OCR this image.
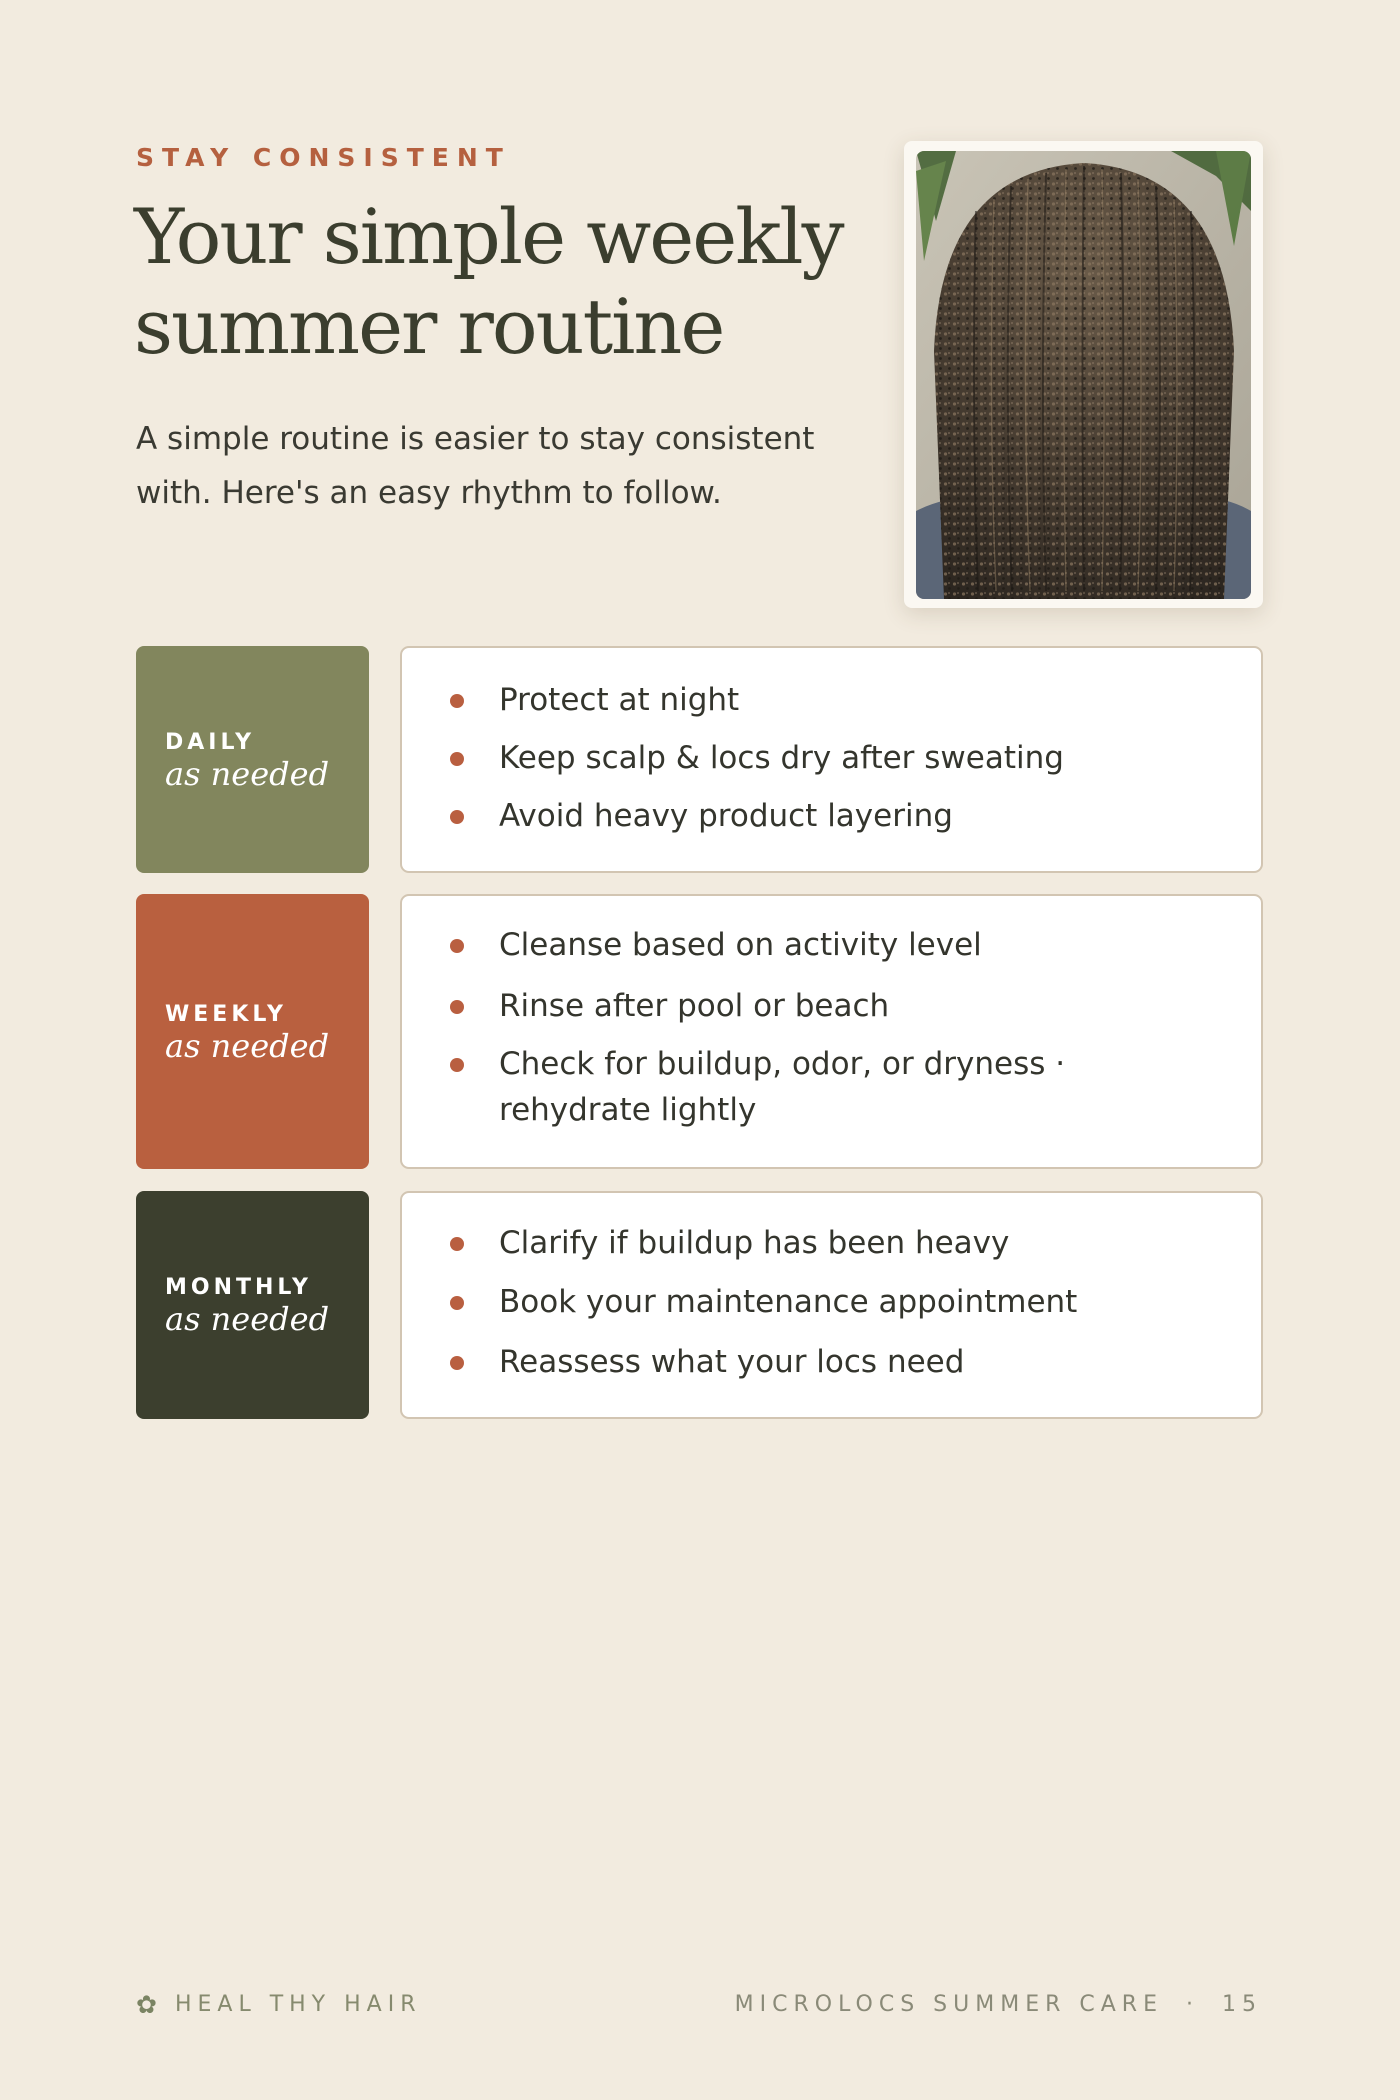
STAY CONSISTENT
Your simple weekly
summer routine

A simple routine is easier to stay consistent
with. Here's an easy rhythm to follow.

DAILY
as needed
Protect at night
Keep scalp & locs dry after sweating
Avoid heavy product layering
WEEKLY
as needed
Cleanse based on activity level
Rinse after pool or beach
Check for buildup, odor, or dryness · rehydrate lightly
MONTHLY
as needed
Clarify if buildup has been heavy
Book your maintenance appointment
Reassess what your locs need
✿ HEAL THY HAIR	MICROLOCS SUMMER CARE · 15
